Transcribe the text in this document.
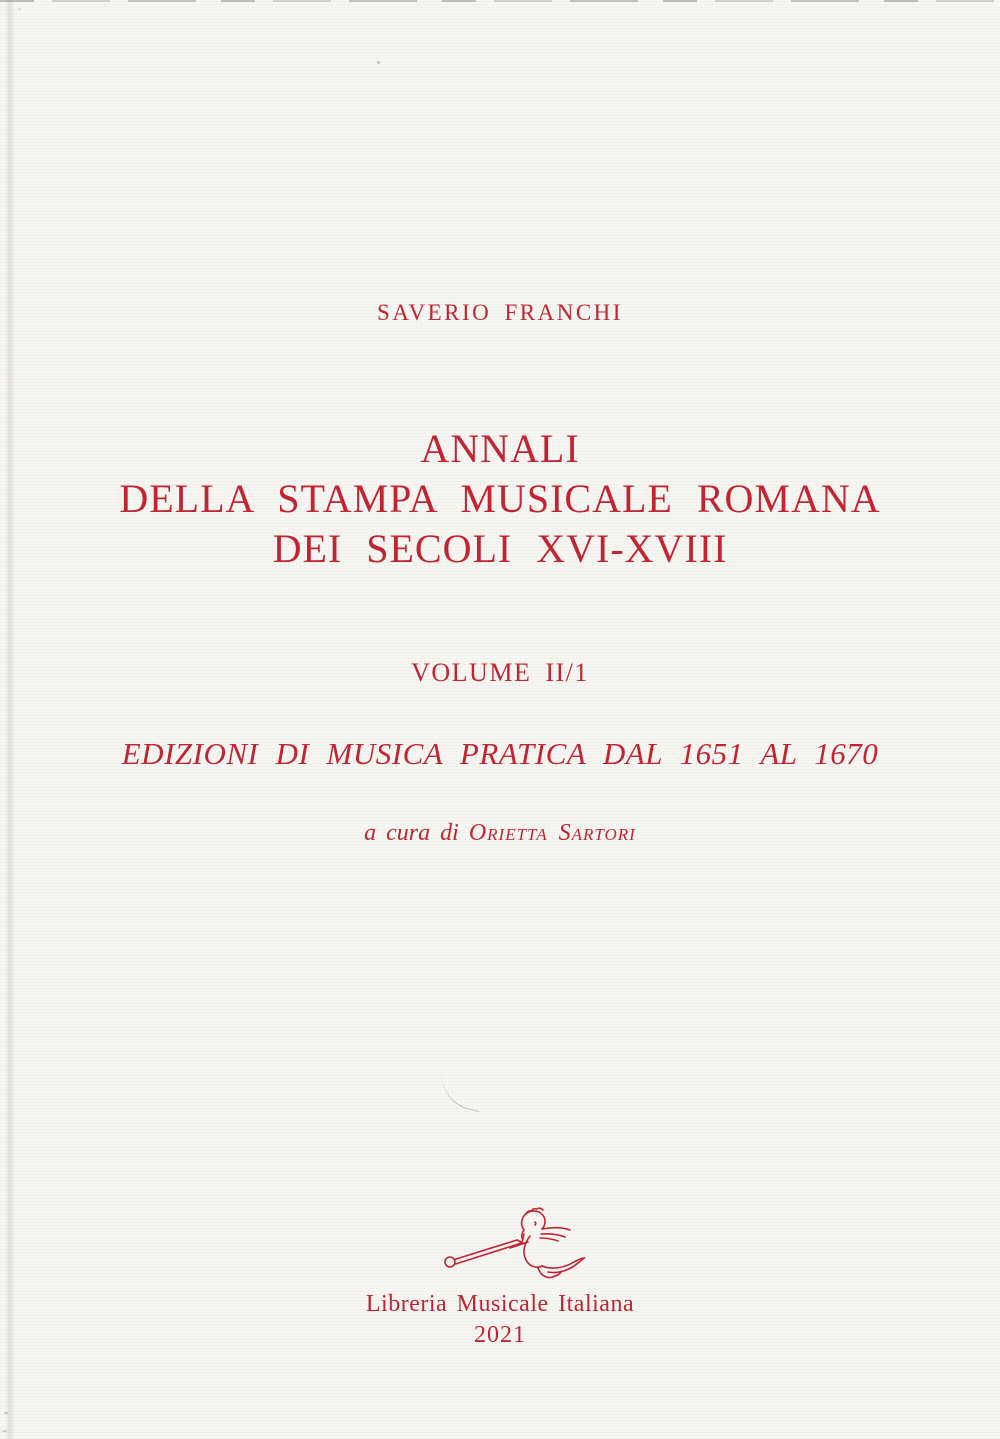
SAVERIO FRANCHI
ANNALI
DELLA STAMPA MUSICALE ROMANA
DEI SECOLI XVI-XVIII
VOLUME II/1
EDIZIONI DI MUSICA PRATICA DAL 1651 AL 1670
a cura di Orietta Sartori
Libreria Musicale Italiana
2021
